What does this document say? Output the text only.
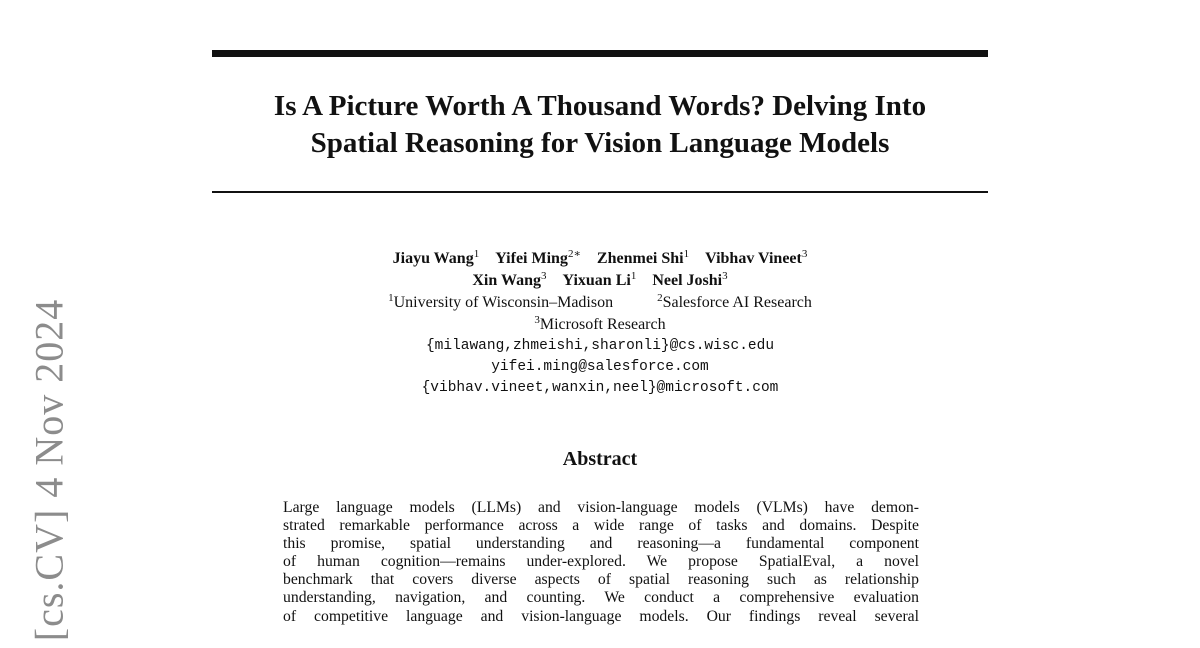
[cs.CV] 4 Nov 2024
Is A Picture Worth A Thousand Words? Delving Into
Spatial Reasoning for Vision Language Models
Jiayu Wang$^1$ Yifei Ming$^{2∗}$ Zhenmei Shi$^1$ Vibhav Vineet$^3$
Xin Wang$^3$ Yixuan Li$^1$ Neel Joshi$^3$
$^1$University of Wisconsin–Madison	$^2$Salesforce AI Research
$^3$Microsoft Research
{milawang,zhmeishi,sharonli}@cs.wisc.edu
yifei.ming@salesforce.com
{vibhav.vineet,wanxin,neel}@microsoft.com
Abstract
Large language models (LLMs) and vision-language models (VLMs) have demon-
strated remarkable performance across a wide range of tasks and domains. Despite
this promise, spatial understanding and reasoning—a fundamental component
of human cognition—remains under-explored. We propose SpatialEval, a novel
benchmark that covers diverse aspects of spatial reasoning such as relationship
understanding, navigation, and counting. We conduct a comprehensive evaluation
of competitive language and vision-language models. Our findings reveal several
